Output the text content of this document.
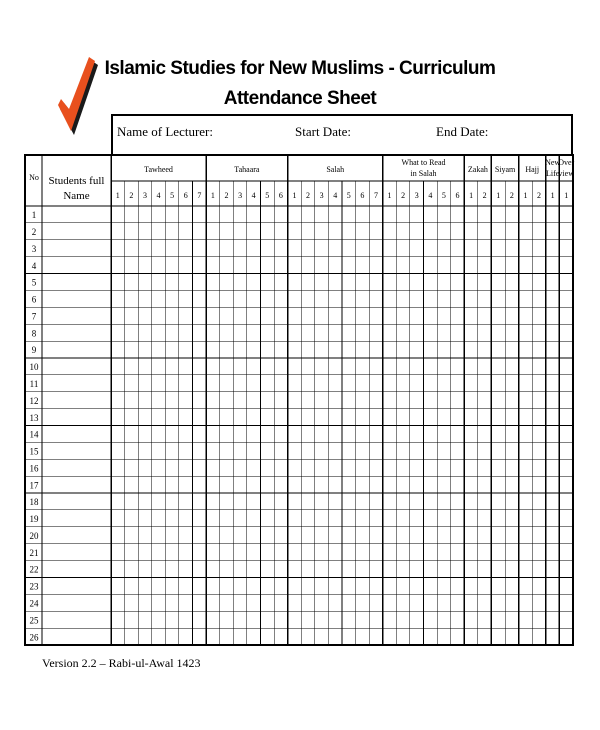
Islamic Studies for New Muslims - Curriculum
Attendance Sheet
Name of Lecturer:	Start Date:	End Date:
No Students full
Name
Tawheed
1 2 3 4 5 6 7
Tahaara
1 2 3 4 5 6
Salah
1 2 3 4 5 6 7
What to Read
in Salah
1 2 3 4 5 6
Zakah
1 2
Siyam
1 2
Hajj
1 2
New
Life
1
Over
view
1
1
2
3
4
5
6
7
8
9
10
11
12
13
14
15
16
17
18
19
20
21
22
23
24
25
26
Version 2.2 – Rabi-ul-Awal 1423
